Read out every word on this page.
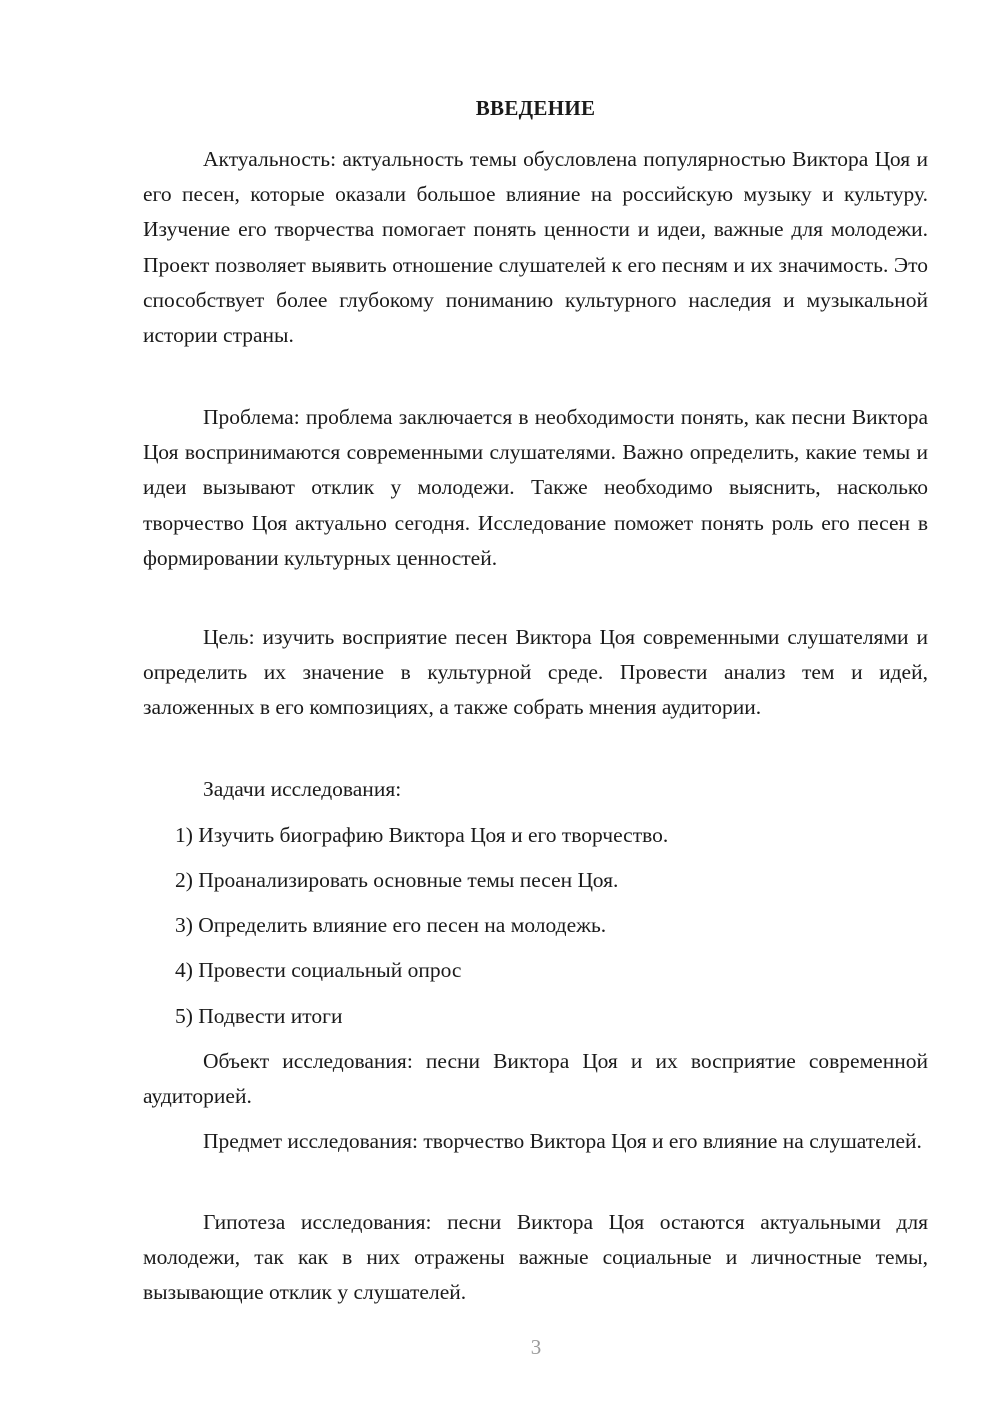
ВВЕДЕНИЕ
Актуальность: актуальность темы обусловлена популярностью Виктора Цоя и его песен, которые оказали большое влияние на российскую музыку и культуру. Изучение его творчества помогает понять ценности и идеи, важные для молодежи. Проект позволяет выявить отношение слушателей к его песням и их значимость. Это способствует более глубокому пониманию культурного наследия и музыкальной истории страны.
Проблема: проблема заключается в необходимости понять, как песни Виктора Цоя воспринимаются современными слушателями. Важно определить, какие темы и идеи вызывают отклик у молодежи. Также необходимо выяснить, насколько творчество Цоя актуально сегодня. Исследование поможет понять роль его песен в формировании культурных ценностей.
Цель: изучить восприятие песен Виктора Цоя современными слушателями и определить их значение в культурной среде. Провести анализ тем и идей, заложенных в его композициях, а также собрать мнения аудитории.
Задачи исследования:
1) Изучить биографию Виктора Цоя и его творчество.
2) Проанализировать основные темы песен Цоя.
3) Определить влияние его песен на молодежь.
4) Провести социальный опрос
5) Подвести итоги
Объект исследования: песни Виктора Цоя и их восприятие современной аудиторией.
Предмет исследования: творчество Виктора Цоя и его влияние на слушателей.
Гипотеза исследования: песни Виктора Цоя остаются актуальными для молодежи, так как в них отражены важные социальные и личностные темы, вызывающие отклик у слушателей.
3
